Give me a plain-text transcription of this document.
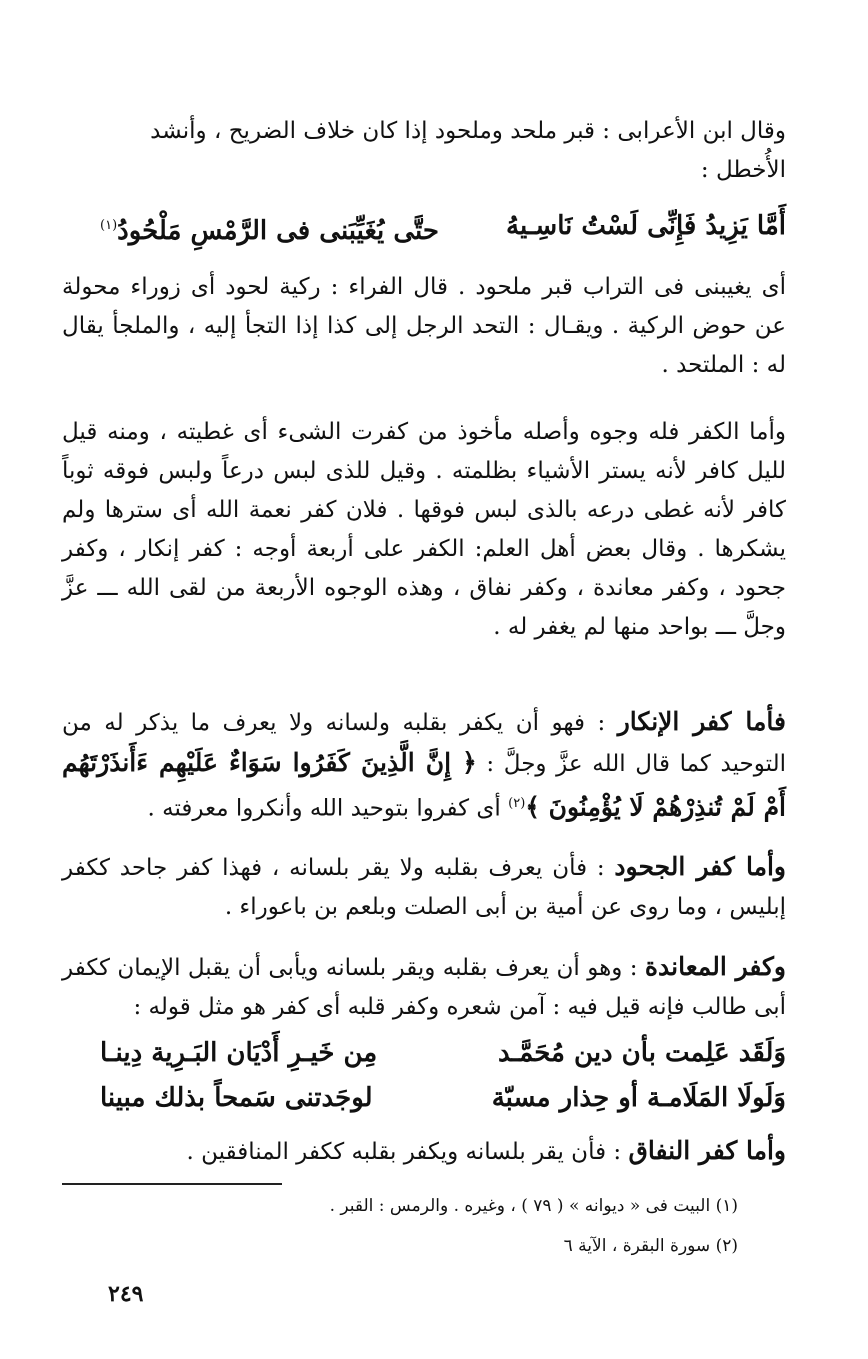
وقال ابن الأعرابى : قبر ملحد وملحود إذا كان خلاف الضريح ، وأنشد
الأُخطل :
أَمَّا يَزِيدُ فَإِنِّى لَسْتُ نَاسِـيهُ
حتَّى يُغَيِّبَنى فى الرَّمْسِ مَلْحُودُ(١)
أى يغيبنى فى التراب قبر ملحود . قال الفراء : ركية لحود أى زوراء محولة عن حوض الركية . ويقـال : التحد الرجل إلى كذا إذا التجأ إليه ، والملجأ يقال له : الملتحد .
وأما الكفر فله وجوه وأصله مأخوذ من كفرت الشىء أى غطيته ، ومنه قيل لليل كافر لأنه يستر الأشياء بظلمته . وقيل للذى لبس درعاً ولبس فوقه ثوباً كافر لأنه غطى درعه بالذى لبس فوقها . فلان كفر نعمة الله أى سترها ولم يشكرها . وقال بعض أهل العلم: الكفر على أربعة أوجه : كفر إنكار ، وكفر جحود ، وكفر معاندة ، وكفر نفاق ، وهذه الوجوه الأربعة من لقى الله ـــ عزَّ وجلَّ ـــ بواحد منها لم يغفر له .
فأما كفر الإنكار : فهو أن يكفر بقلبه ولسانه ولا يعرف ما يذكر له من التوحيد كما قال الله عزَّ وجلَّ : ﴿ إِنَّ الَّذِينَ كَفَرُوا سَوَاءٌ عَلَيْهِم ءَأَنذَرْتَهُم أَمْ لَمْ تُنذِرْهُمْ لَا يُؤْمِنُونَ ﴾$^{(٢)}$ أى كفروا بتوحيد الله وأنكروا معرفته .
وأما كفر الجحود : فأن يعرف بقلبه ولا يقر بلسانه ، فهذا كفر جاحد ككفر إبليس ، وما روى عن أمية بن أبى الصلت وبلعم بن باعوراء .
وكفر المعاندة : وهو أن يعرف بقلبه ويقر بلسانه ويأبى أن يقبل الإيمان ككفر أبى طالب فإنه قيل فيه : آمن شعره وكفر قلبه أى كفر هو مثل قوله :
وَلَقَد عَلِمت بأن دين مُحَمَّـد
مِن خَيـرِ أَدْيَان البَـرِية دِينـا
وَلَولَا المَلَامـة أو حِذار مسبّة
لوجَدتنى سَمحاً بذلك مبينا
وأما كفر النفاق : فأن يقر بلسانه ويكفر بقلبه ككفر المنافقين .
(١) البيت فى « ديوانه » ( ٧٩ ) ، وغيره . والرمس : القبر .
(٢) سورة البقرة ، الآية ٦
٢٤٩
